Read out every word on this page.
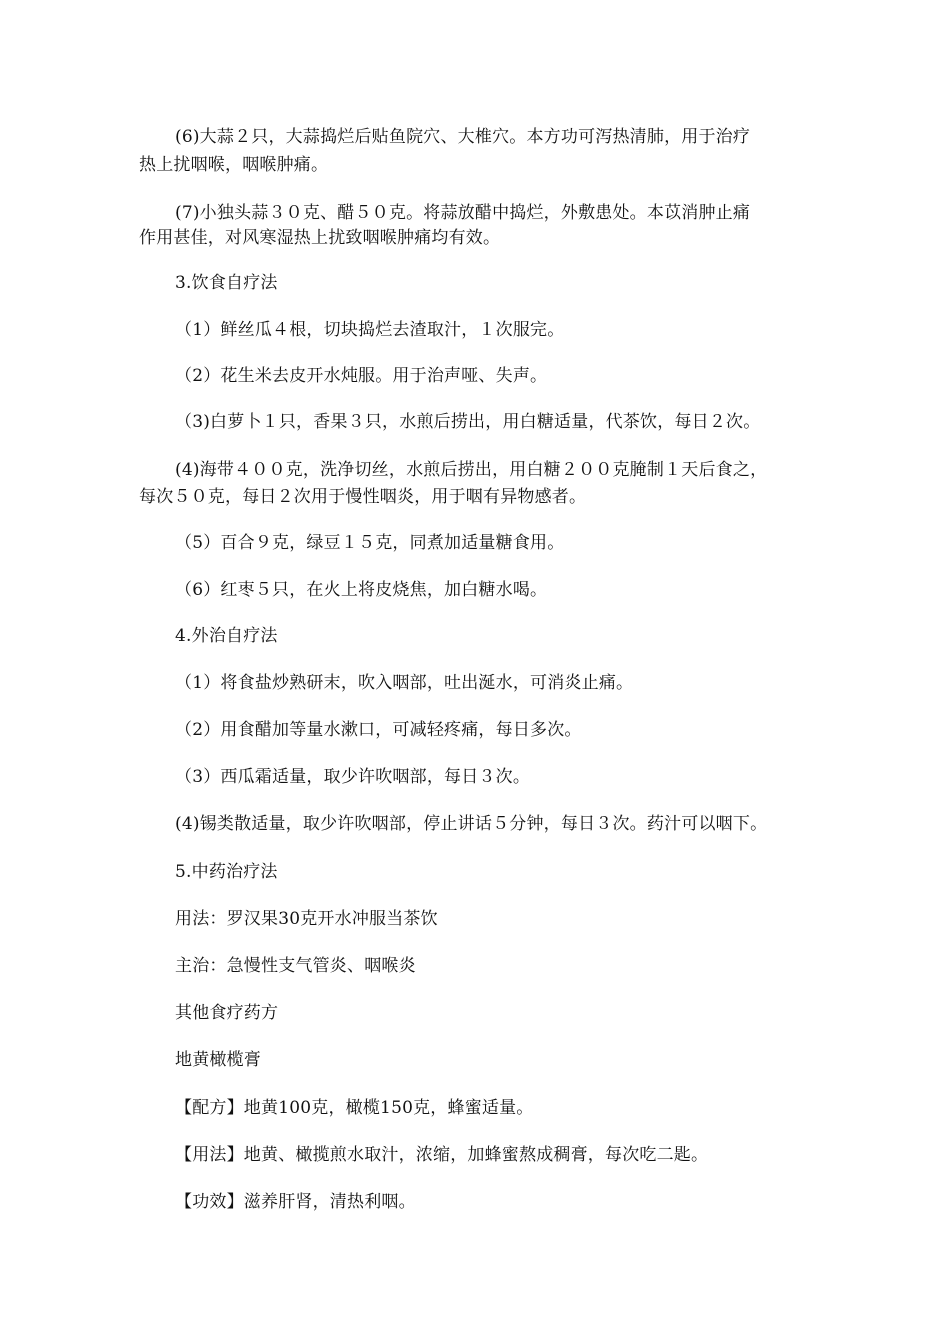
(6)大蒜２只，大蒜捣烂后贴鱼院穴、大椎穴。本方功可泻热清肺，用于治疗
热上扰咽喉，咽喉肿痛。
(7)小独头蒜３０克、醋５０克。将蒜放醋中捣烂，外敷患处。本苡消肿止痛
作用甚佳，对风寒湿热上扰致咽喉肿痛均有效。
3.饮食自疗法
（1）鲜丝瓜４根，切块捣烂去渣取汁，１次服完。
（2）花生米去皮开水炖服。用于治声哑、失声。
（3)白萝卜１只，香果３只，水煎后捞出，用白糖适量，代茶饮，每日２次。
(4)海带４００克，洗净切丝，水煎后捞出，用白糖２００克腌制１天后食之，
每次５０克，每日２次用于慢性咽炎，用于咽有异物感者。
（5）百合９克，绿豆１５克，同煮加适量糖食用。
（6）红枣５只，在火上将皮烧焦，加白糖水喝。
4.外治自疗法
（1）将食盐炒熟研末，吹入咽部，吐出涎水，可消炎止痛。
（2）用食醋加等量水漱口，可减轻疼痛，每日多次。
（3）西瓜霜适量，取少许吹咽部，每日３次。
(4)锡类散适量，取少许吹咽部，停止讲话５分钟，每日３次。药汁可以咽下。
5.中药治疗法
用法：罗汉果30克开水冲服当茶饮
主治：急慢性支气管炎、咽喉炎
其他食疗药方
地黄橄榄膏
【配方】地黄100克，橄榄150克，蜂蜜适量。
【用法】地黄、橄揽煎水取汁，浓缩，加蜂蜜熬成稠膏，每次吃二匙。
【功效】滋养肝肾，清热利咽。
